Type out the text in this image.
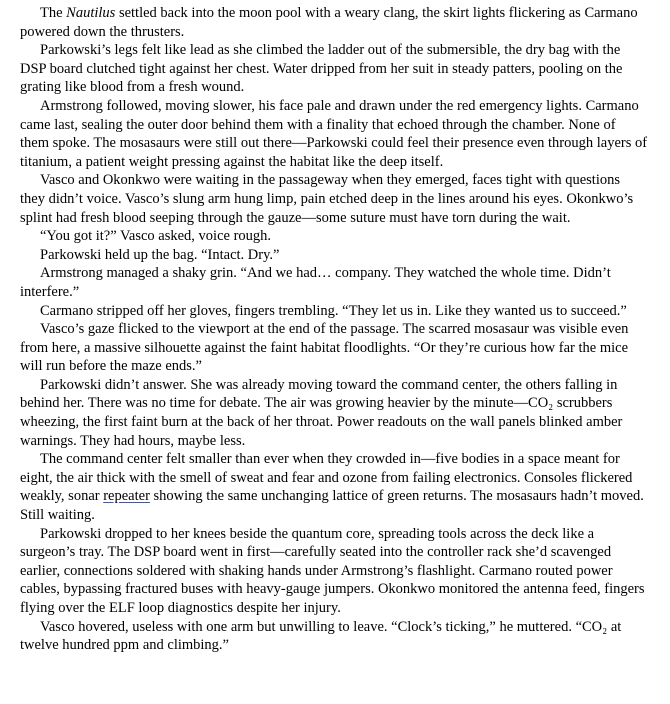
The Nautilus settled back into the moon pool with a weary clang, the skirt lights flickering as Carmano powered down the thrusters.

Parkowski’s legs felt like lead as she climbed the ladder out of the submersible, the dry bag with the DSP board clutched tight against her chest. Water dripped from her suit in steady patters, pooling on the grating like blood from a fresh wound.

Armstrong followed, moving slower, his face pale and drawn under the red emergency lights. Carmano came last, sealing the outer door behind them with a finality that echoed through the chamber. None of them spoke. The mosasaurs were still out there—Parkowski could feel their presence even through layers of titanium, a patient weight pressing against the habitat like the deep itself.

Vasco and Okonkwo were waiting in the passageway when they emerged, faces tight with questions they didn’t voice. Vasco’s slung arm hung limp, pain etched deep in the lines around his eyes. Okonkwo’s splint had fresh blood seeping through the gauze—some suture must have torn during the wait.

“You got it?” Vasco asked, voice rough.

Parkowski held up the bag. “Intact. Dry.”

Armstrong managed a shaky grin. “And we had… company. They watched the whole time. Didn’t interfere.”

Carmano stripped off her gloves, fingers trembling. “They let us in. Like they wanted us to succeed.”

Vasco’s gaze flicked to the viewport at the end of the passage. The scarred mosasaur was visible even from here, a massive silhouette against the faint habitat floodlights. “Or they’re curious how far the mice will run before the maze ends.”

Parkowski didn’t answer. She was already moving toward the command center, the others falling in behind her. There was no time for debate. The air was growing heavier by the minute—CO₂ scrubbers wheezing, the first faint burn at the back of her throat. Power readouts on the wall panels blinked amber warnings. They had hours, maybe less.

The command center felt smaller than ever when they crowded in—five bodies in a space meant for eight, the air thick with the smell of sweat and fear and ozone from failing electronics. Consoles flickered weakly, sonar repeater showing the same unchanging lattice of green returns. The mosasaurs hadn’t moved. Still waiting.

Parkowski dropped to her knees beside the quantum core, spreading tools across the deck like a surgeon’s tray. The DSP board went in first—carefully seated into the controller rack she’d scavenged earlier, connections soldered with shaking hands under Armstrong’s flashlight. Carmano routed power cables, bypassing fractured buses with heavy-gauge jumpers. Okonkwo monitored the antenna feed, fingers flying over the ELF loop diagnostics despite her injury.

Vasco hovered, useless with one arm but unwilling to leave. “Clock’s ticking,” he muttered. “CO₂ at twelve hundred ppm and climbing.”
